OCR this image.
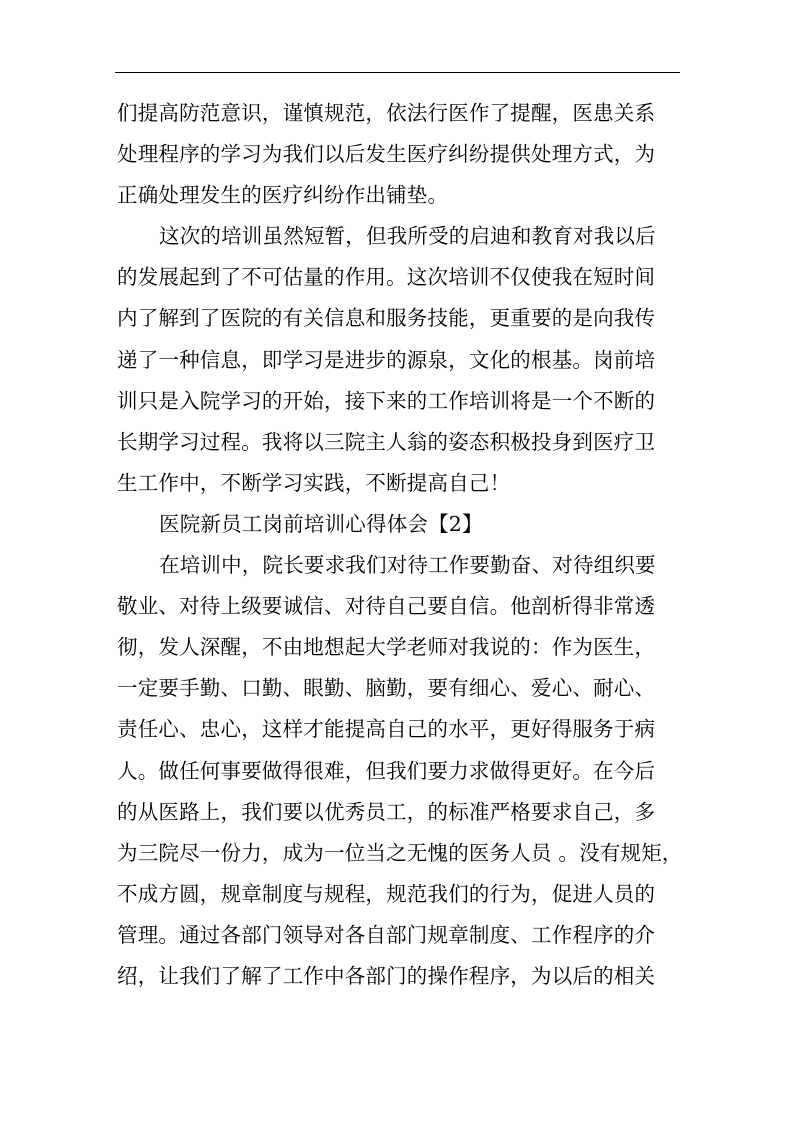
们提高防范意识，谨慎规范，依法行医作了提醒，医患关系
处理程序的学习为我们以后发生医疗纠纷提供处理方式，为
正确处理发生的医疗纠纷作出铺垫。
这次的培训虽然短暂，但我所受的启迪和教育对我以后
的发展起到了不可估量的作用。这次培训不仅使我在短时间
内了解到了医院的有关信息和服务技能，更重要的是向我传
递了一种信息，即学习是进步的源泉，文化的根基。岗前培
训只是入院学习的开始，接下来的工作培训将是一个不断的
长期学习过程。我将以三院主人翁的姿态积极投身到医疗卫
生工作中，不断学习实践，不断提高自己！
医院新员工岗前培训心得体会【2】
在培训中，院长要求我们对待工作要勤奋、对待组织要
敬业、对待上级要诚信、对待自己要自信。他剖析得非常透
彻，发人深醒，不由地想起大学老师对我说的：作为医生，
一定要手勤、口勤、眼勤、脑勤，要有细心、爱心、耐心、
责任心、忠心，这样才能提高自己的水平，更好得服务于病
人。做任何事要做得很难，但我们要力求做得更好。在今后
的从医路上，我们要以优秀员工，的标准严格要求自己，多
为三院尽一份力，成为一位当之无愧的医务人员 。没有规矩，
不成方圆，规章制度与规程，规范我们的行为，促进人员的
管理。通过各部门领导对各自部门规章制度、工作程序的介
绍，让我们了解了工作中各部门的操作程序，为以后的相关
